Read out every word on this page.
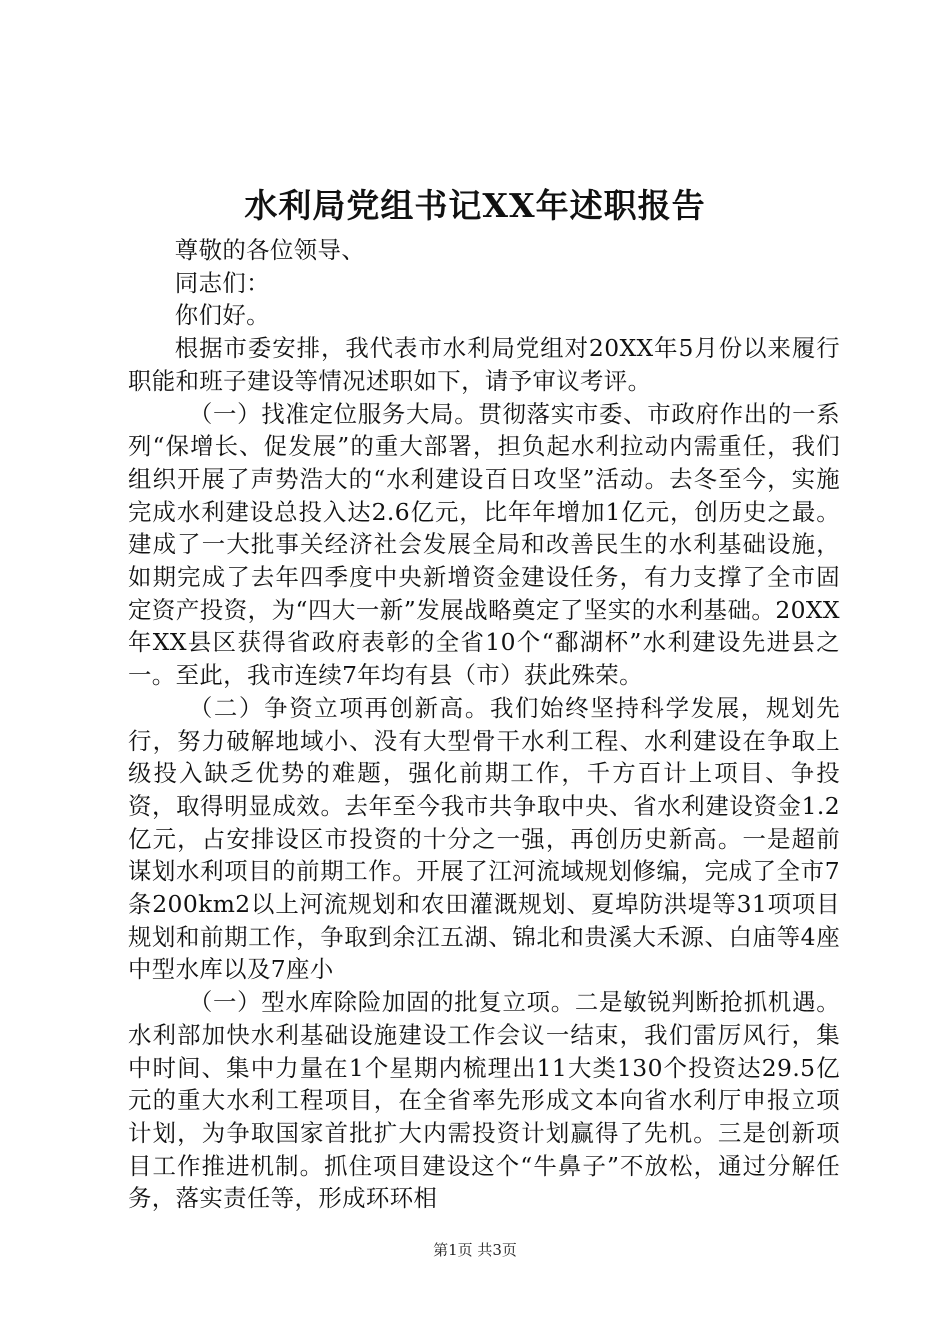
水利局党组书记XX年述职报告

尊敬的各位领导、

同志们：

你们好。

根据市委安排，我代表市水利局党组对20XX年5月份以来履行职能和班子建设等情况述职如下，请予审议考评。

（一）找准定位服务大局。贯彻落实市委、市政府作出的一系列“保增长、促发展”的重大部署，担负起水利拉动内需重任，我们组织开展了声势浩大的“水利建设百日攻坚”活动。去冬至今，实施完成水利建设总投入达2.6亿元，比年年增加1亿元，创历史之最。建成了一大批事关经济社会发展全局和改善民生的水利基础设施，如期完成了去年四季度中央新增资金建设任务，有力支撑了全市固定资产投资，为“四大一新”发展战略奠定了坚实的水利基础。20XX年XX县区获得省政府表彰的全省10个“鄱湖杯”水利建设先进县之一。至此，我市连续7年均有县（市）获此殊荣。

（二）争资立项再创新高。我们始终坚持科学发展，规划先行，努力破解地域小、没有大型骨干水利工程、水利建设在争取上级投入缺乏优势的难题，强化前期工作，千方百计上项目、争投资，取得明显成效。去年至今我市共争取中央、省水利建设资金1.2亿元，占安排设区市投资的十分之一强，再创历史新高。一是超前谋划水利项目的前期工作。开展了江河流域规划修编，完成了全市7条200km2以上河流规划和农田灌溉规划、夏埠防洪堤等31项项目规划和前期工作，争取到余江五湖、锦北和贵溪大禾源、白庙等4座中型水库以及7座小

（一）型水库除险加固的批复立项。二是敏锐判断抢抓机遇。水利部加快水利基础设施建设工作会议一结束，我们雷厉风行，集中时间、集中力量在1个星期内梳理出11大类130个投资达29.5亿元的重大水利工程项目，在全省率先形成文本向省水利厅申报立项计划，为争取国家首批扩大内需投资计划赢得了先机。三是创新项目工作推进机制。抓住项目建设这个“牛鼻子”不放松，通过分解任务，落实责任等，形成环环相

第1页 共3页
